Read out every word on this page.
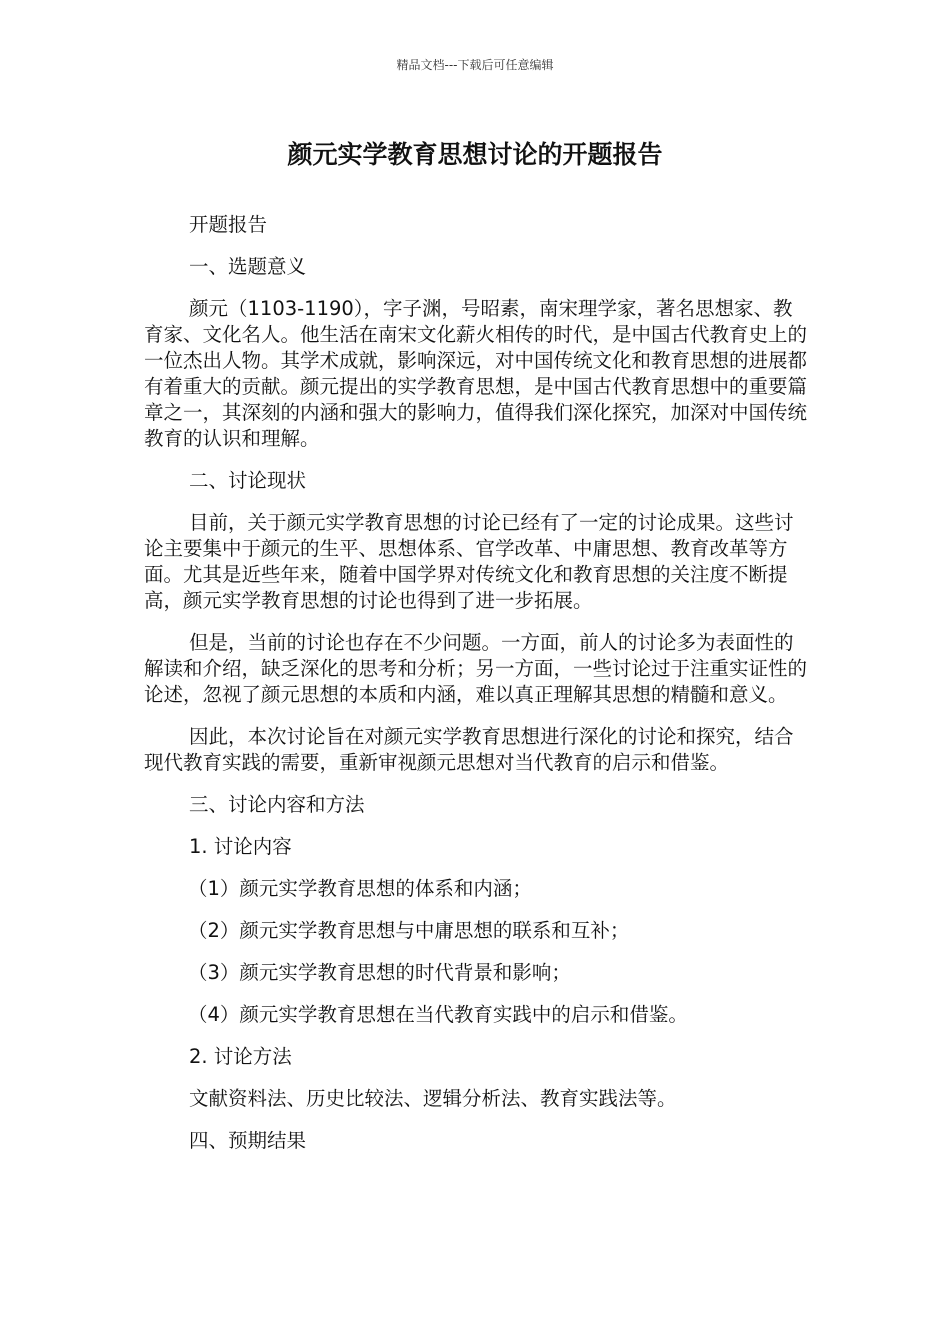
精品文档---下载后可任意编辑
颜元实学教育思想讨论的开题报告

开题报告

一、选题意义

颜元（1103-1190），字子渊，号昭素，南宋理学家，著名思想家、教育家、文化名人。他生活在南宋文化薪火相传的时代，是中国古代教育史上的一位杰出人物。其学术成就，影响深远，对中国传统文化和教育思想的进展都有着重大的贡献。颜元提出的实学教育思想，是中国古代教育思想中的重要篇章之一，其深刻的内涵和强大的影响力，值得我们深化探究，加深对中国传统教育的认识和理解。

二、讨论现状

目前，关于颜元实学教育思想的讨论已经有了一定的讨论成果。这些讨论主要集中于颜元的生平、思想体系、官学改革、中庸思想、教育改革等方面。尤其是近些年来，随着中国学界对传统文化和教育思想的关注度不断提高，颜元实学教育思想的讨论也得到了进一步拓展。

但是，当前的讨论也存在不少问题。一方面，前人的讨论多为表面性的解读和介绍，缺乏深化的思考和分析；另一方面，一些讨论过于注重实证性的论述，忽视了颜元思想的本质和内涵，难以真正理解其思想的精髓和意义。

因此，本次讨论旨在对颜元实学教育思想进行深化的讨论和探究，结合现代教育实践的需要，重新审视颜元思想对当代教育的启示和借鉴。

三、讨论内容和方法

1. 讨论内容

（1）颜元实学教育思想的体系和内涵；

（2）颜元实学教育思想与中庸思想的联系和互补；

（3）颜元实学教育思想的时代背景和影响；

（4）颜元实学教育思想在当代教育实践中的启示和借鉴。

2. 讨论方法

文献资料法、历史比较法、逻辑分析法、教育实践法等。

四、预期结果
